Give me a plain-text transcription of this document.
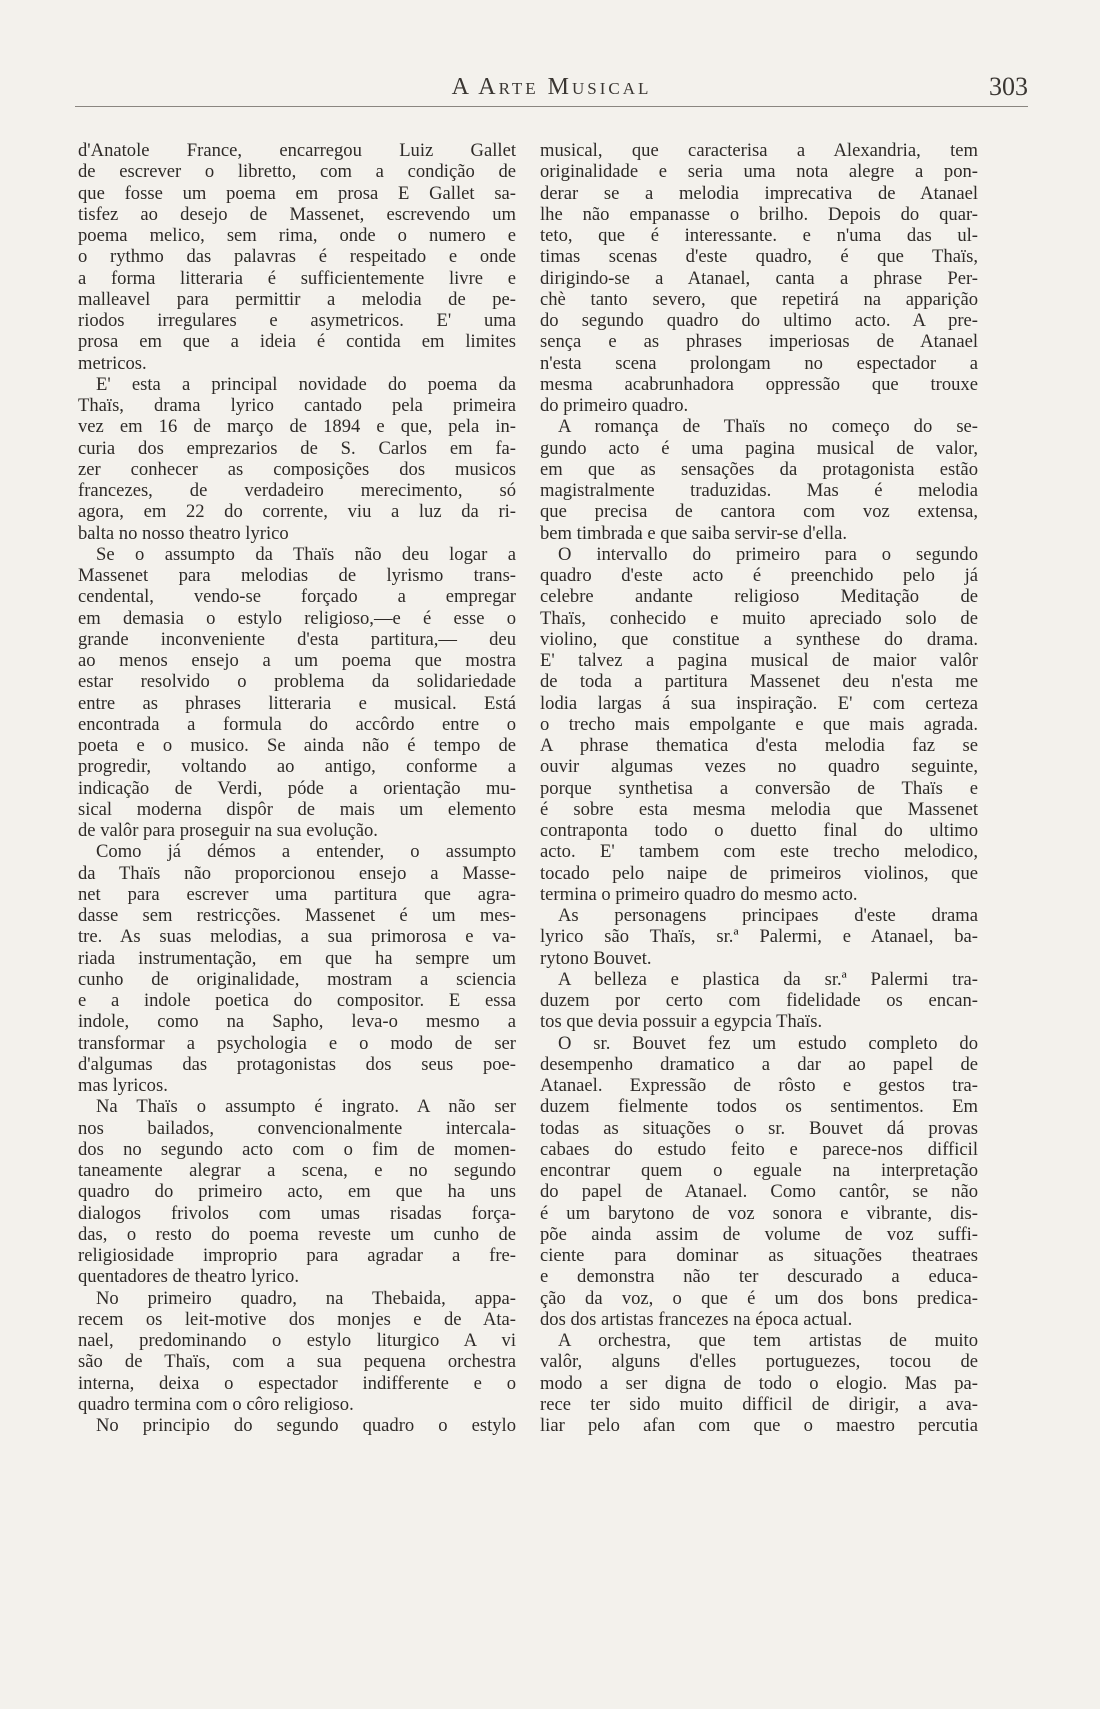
A Arte Musical	303
d'Anatole France, encarregou Luiz Gallet
de escrever o libretto, com a condição de
que fosse um poema em prosa E Gallet sa-
tisfez ao desejo de Massenet, escrevendo um
poema melico, sem rima, onde o numero e
o rythmo das palavras é respeitado e onde
a forma litteraria é sufficientemente livre e
malleavel para permittir a melodia de pe-
riodos irregulares e asymetricos. E' uma
prosa em que a ideia é contida em limites
metricos.
E' esta a principal novidade do poema da
Thaïs, drama lyrico cantado pela primeira
vez em 16 de março de 1894 e que, pela in-
curia dos emprezarios de S. Carlos em fa-
zer conhecer as composições dos musicos
francezes, de verdadeiro merecimento, só
agora, em 22 do corrente, viu a luz da ri-
balta no nosso theatro lyrico
Se o assumpto da Thaïs não deu logar a
Massenet para melodias de lyrismo trans-
cendental, vendo-se forçado a empregar
em demasia o estylo religioso,—e é esse o
grande inconveniente d'esta partitura,— deu
ao menos ensejo a um poema que mostra
estar resolvido o problema da solidariedade
entre as phrases litteraria e musical. Está
encontrada a formula do accôrdo entre o
poeta e o musico. Se ainda não é tempo de
progredir, voltando ao antigo, conforme a
indicação de Verdi, póde a orientação mu-
sical moderna dispôr de mais um elemento
de valôr para proseguir na sua evolução.
Como já démos a entender, o assumpto
da Thaïs não proporcionou ensejo a Masse-
net para escrever uma partitura que agra-
dasse sem restricções. Massenet é um mes-
tre. As suas melodias, a sua primorosa e va-
riada instrumentação, em que ha sempre um
cunho de originalidade, mostram a sciencia
e a indole poetica do compositor. E essa
indole, como na Sapho, leva-o mesmo a
transformar a psychologia e o modo de ser
d'algumas das protagonistas dos seus poe-
mas lyricos.
Na Thaïs o assumpto é ingrato. A não ser
nos bailados, convencionalmente intercala-
dos no segundo acto com o fim de momen-
taneamente alegrar a scena, e no segundo
quadro do primeiro acto, em que ha uns
dialogos frivolos com umas risadas força-
das, o resto do poema reveste um cunho de
religiosidade improprio para agradar a fre-
quentadores de theatro lyrico.
No primeiro quadro, na Thebaida, appa-
recem os leit-motive dos monjes e de Ata-
nael, predominando o estylo liturgico A vi
são de Thaïs, com a sua pequena orchestra
interna, deixa o espectador indifferente e o
quadro termina com o côro religioso.
No principio do segundo quadro o estylo
musical, que caracterisa a Alexandria, tem
originalidade e seria uma nota alegre a pon-
derar se a melodia imprecativa de Atanael
lhe não empanasse o brilho. Depois do quar-
teto, que é interessante. e n'uma das ul-
timas scenas d'este quadro, é que Thaïs,
dirigindo-se a Atanael, canta a phrase Per-
chè tanto severo, que repetirá na apparição
do segundo quadro do ultimo acto. A pre-
sença e as phrases imperiosas de Atanael
n'esta scena prolongam no espectador a
mesma acabrunhadora oppressão que trouxe
do primeiro quadro.
A romança de Thaïs no começo do se-
gundo acto é uma pagina musical de valor,
em que as sensações da protagonista estão
magistralmente traduzidas. Mas é melodia
que precisa de cantora com voz extensa,
bem timbrada e que saiba servir-se d'ella.
O intervallo do primeiro para o segundo
quadro d'este acto é preenchido pelo já
celebre andante religioso Meditação de
Thaïs, conhecido e muito apreciado solo de
violino, que constitue a synthese do drama.
E' talvez a pagina musical de maior valôr
de toda a partitura Massenet deu n'esta me
lodia largas á sua inspiração. E' com certeza
o trecho mais empolgante e que mais agrada.
A phrase thematica d'esta melodia faz se
ouvir algumas vezes no quadro seguinte,
porque synthetisa a conversão de Thaïs e
é sobre esta mesma melodia que Massenet
contraponta todo o duetto final do ultimo
acto. E' tambem com este trecho melodico,
tocado pelo naipe de primeiros violinos, que
termina o primeiro quadro do mesmo acto.
As personagens principaes d'este drama
lyrico são Thaïs, sr.ª Palermi, e Atanael, ba-
rytono Bouvet.
A belleza e plastica da sr.ª Palermi tra-
duzem por certo com fidelidade os encan-
tos que devia possuir a egypcia Thaïs.
O sr. Bouvet fez um estudo completo do
desempenho dramatico a dar ao papel de
Atanael. Expressão de rôsto e gestos tra-
duzem fielmente todos os sentimentos. Em
todas as situações o sr. Bouvet dá provas
cabaes do estudo feito e parece-nos difficil
encontrar quem o eguale na interpretação
do papel de Atanael. Como cantôr, se não
é um barytono de voz sonora e vibrante, dis-
põe ainda assim de volume de voz suffi-
ciente para dominar as situações theatraes
e demonstra não ter descurado a educa-
ção da voz, o que é um dos bons predica-
dos dos artistas francezes na época actual.
A orchestra, que tem artistas de muito
valôr, alguns d'elles portuguezes, tocou de
modo a ser digna de todo o elogio. Mas pa-
rece ter sido muito difficil de dirigir, a ava-
liar pelo afan com que o maestro percutia
